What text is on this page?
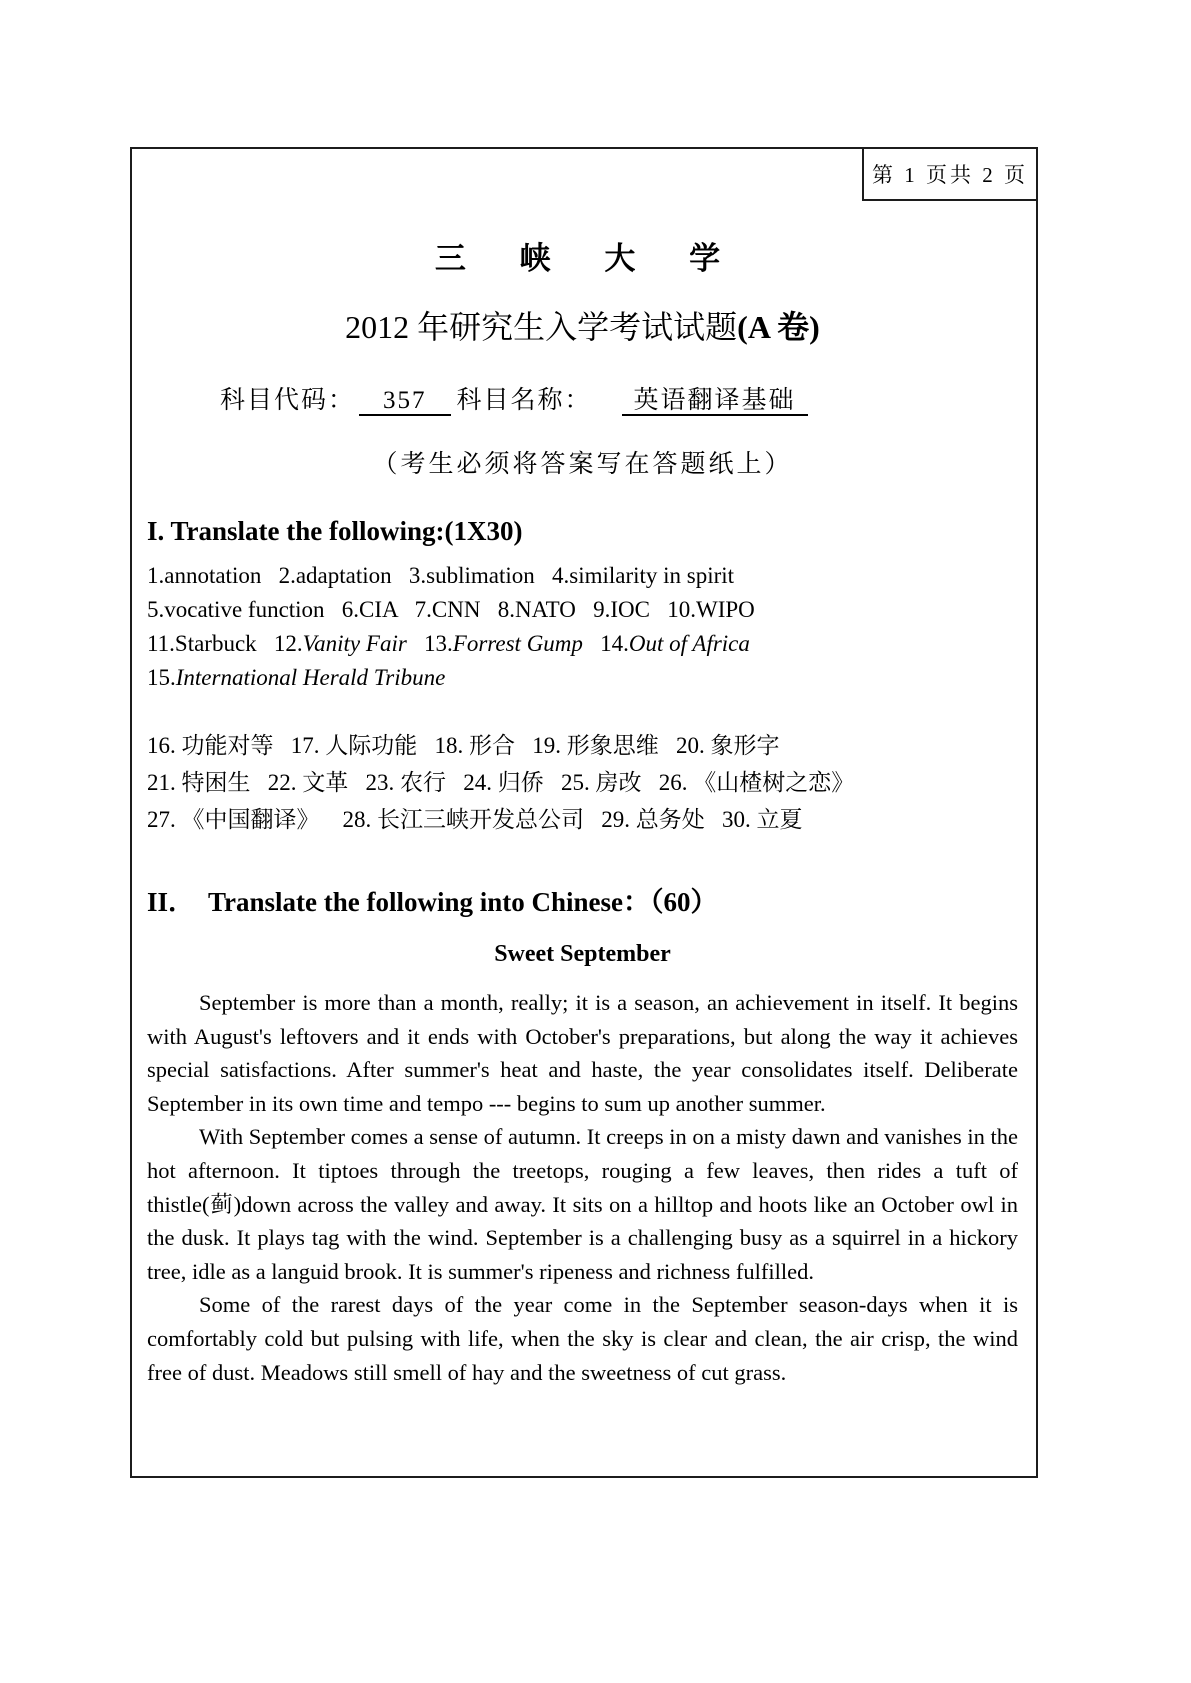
第 1 页共 2 页
三 峡 大 学
2012 年研究生入学考试试题(A 卷)
科目代码： 357 科目名称： 英语翻译基础
（考生必须将答案写在答题纸上）
I. Translate the following:(1X30)
1.annotation   2.adaptation   3.sublimation   4.similarity in spirit
5.vocative function   6.CIA   7.CNN   8.NATO   9.IOC   10.WIPO
11.Starbuck   12.Vanity Fair   13.Forrest Gump   14.Out of Africa
15.International Herald Tribune
16. 功能对等   17. 人际功能   18. 形合   19. 形象思维   20. 象形字
21. 特困生   22. 文革   23. 农行   24. 归侨   25. 房改   26. 《山楂树之恋》
27. 《中国翻译》    28. 长江三峡开发总公司   29. 总务处   30. 立夏
II．  Translate the following into Chinese：（60）
Sweet September

September is more than a month, really; it is a season, an achievement in itself. It begins with August's leftovers and it ends with October's preparations, but along the way it achieves special satisfactions. After summer's heat and haste, the year consolidates itself. Deliberate September in its own time and tempo --- begins to sum up another summer.

With September comes a sense of autumn. It creeps in on a misty dawn and vanishes in the hot afternoon. It tiptoes through the treetops, rouging a few leaves, then rides a tuft of thistle(蓟)down across the valley and away. It sits on a hilltop and hoots like an October owl in the dusk. It plays tag with the wind. September is a challenging busy as a squirrel in a hickory tree, idle as a languid brook. It is summer's ripeness and richness fulfilled.

Some of the rarest days of the year come in the September season-days when it is comfortably cold but pulsing with life, when the sky is clear and clean, the air crisp, the wind free of dust. Meadows still smell of hay and the sweetness of cut grass.
